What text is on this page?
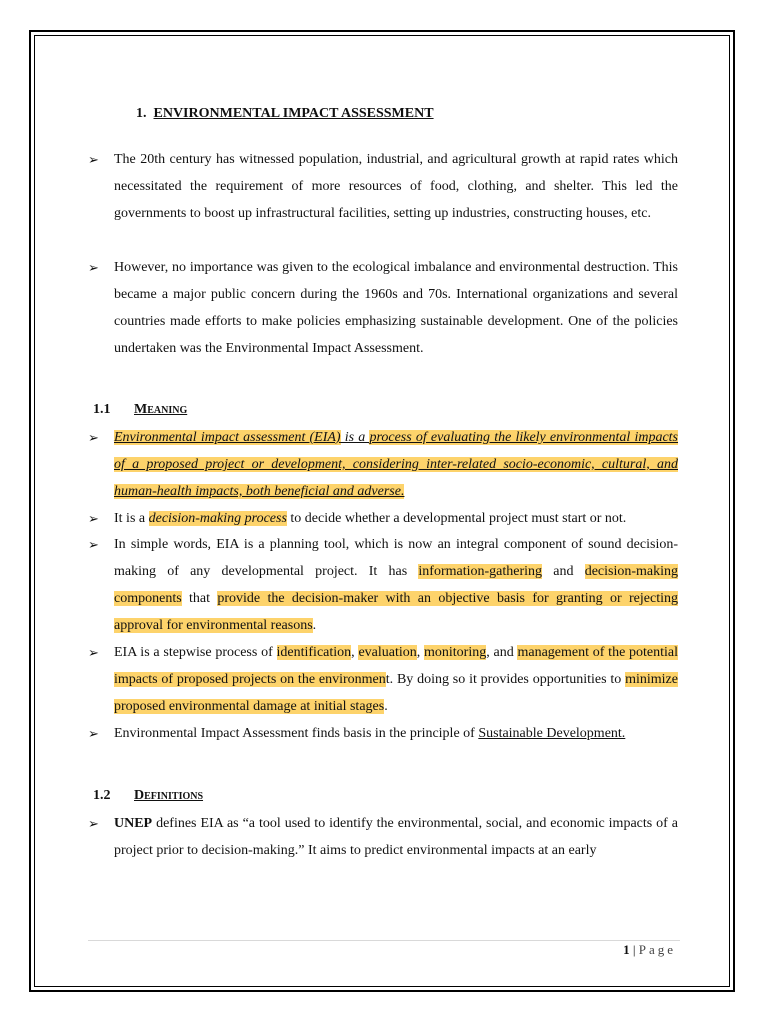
1. ENVIRONMENTAL IMPACT ASSESSMENT
➢	The 20th century has witnessed population, industrial, and agricultural growth at rapid rates which necessitated the requirement of more resources of food, clothing, and shelter. This led the governments to boost up infrastructural facilities, setting up industries, constructing houses, etc.
➢	However, no importance was given to the ecological imbalance and environmental destruction. This became a major public concern during the 1960s and 70s. International organizations and several countries made efforts to make policies emphasizing sustainable development. One of the policies undertaken was the Environmental Impact Assessment.
1.1 Meaning
➢	Environmental impact assessment (EIA) is a process of evaluating the likely environmental impacts of a proposed project or development, considering inter-related socio-economic, cultural, and human-health impacts, both beneficial and adverse.
➢	It is a decision-making process to decide whether a developmental project must start or not.
➢	In simple words, EIA is a planning tool, which is now an integral component of sound decision-making of any developmental project. It has information-gathering and decision-making components that provide the decision-maker with an objective basis for granting or rejecting approval for environmental reasons.
➢	EIA is a stepwise process of identification, evaluation, monitoring, and management of the potential impacts of proposed projects on the environment. By doing so it provides opportunities to minimize proposed environmental damage at initial stages.
➢	Environmental Impact Assessment finds basis in the principle of Sustainable Development.
1.2 Definitions
➢	UNEP defines EIA as “a tool used to identify the environmental, social, and economic impacts of a project prior to decision-making.” It aims to predict environmental impacts at an early
1 | Page
